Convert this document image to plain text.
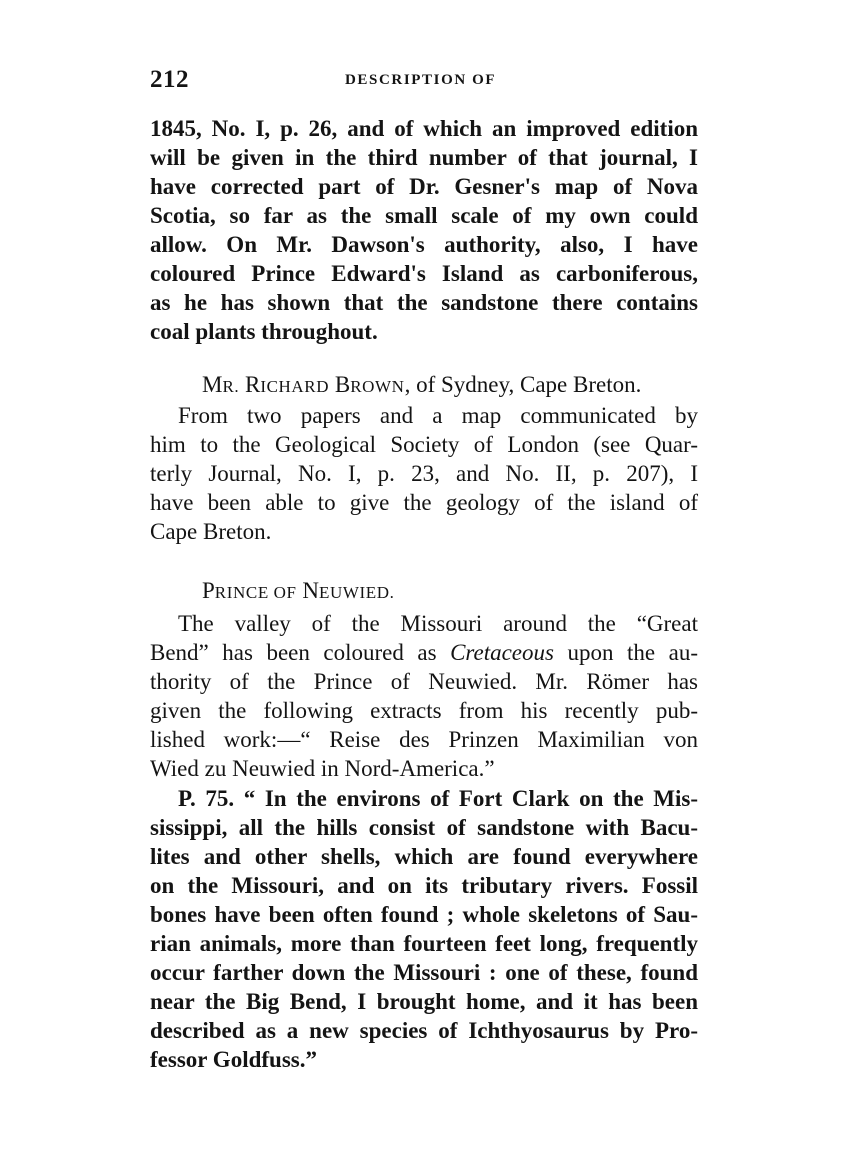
212	DESCRIPTION OF
1845, No. I, p. 26, and of which an improved edition
will be given in the third number of that journal, I
have corrected part of Dr. Gesner's map of Nova
Scotia, so far as the small scale of my own could
allow. On Mr. Dawson's authority, also, I have
coloured Prince Edward's Island as carboniferous,
as he has shown that the sandstone there contains
coal plants throughout.
MR. RICHARD BROWN, of Sydney, Cape Breton.
From two papers and a map communicated by
him to the Geological Society of London (see Quar-
terly Journal, No. I, p. 23, and No. II, p. 207), I
have been able to give the geology of the island of
Cape Breton.
PRINCE OF NEUWIED.
The valley of the Missouri around the “Great
Bend” has been coloured as Cretaceous upon the au-
thority of the Prince of Neuwied. Mr. Römer has
given the following extracts from his recently pub-
lished work:—“ Reise des Prinzen Maximilian von
Wied zu Neuwied in Nord-America.”
P. 75. “ In the environs of Fort Clark on the Mis-
sissippi, all the hills consist of sandstone with Bacu-
lites and other shells, which are found everywhere
on the Missouri, and on its tributary rivers. Fossil
bones have been often found ; whole skeletons of Sau-
rian animals, more than fourteen feet long, frequently
occur farther down the Missouri : one of these, found
near the Big Bend, I brought home, and it has been
described as a new species of Ichthyosaurus by Pro-
fessor Goldfuss.”
